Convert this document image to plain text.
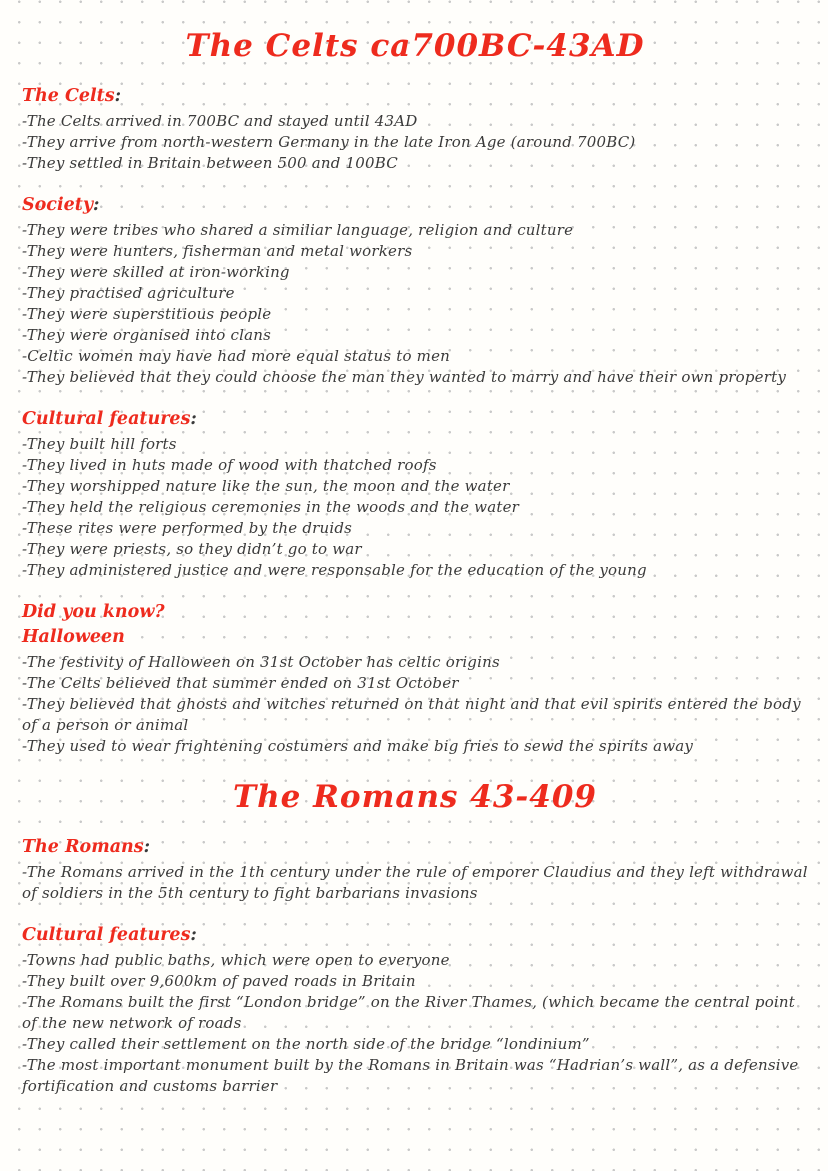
The Celts ca700BC-43AD
The Celts:

-The Celts arrived in 700BC and stayed until 43AD

-They arrive from north-western Germany in the late Iron Age (around 700BC)

-They settled in Britain between 500 and 100BC

Society:

-They were tribes who shared a similiar language, religion and culture

-They were hunters, fisherman and metal workers

-They were skilled at iron-working

-They practised agriculture

-They were superstitious people

-They were organised into clans

-Celtic women may have had more equal status to men

-They believed that they could choose the man they wanted to marry and have their own property

Cultural features:

-They built hill forts

-They lived in huts made of wood with thatched roofs

-They worshipped nature like the sun, the moon and the water

-They held the religious ceremonies in the woods and the water

-These rites were performed by the druids

-They were priests, so they didn’t go to war

-They administered justice and were responsable for the education of the young

Did you know?
Halloween

-The festivity of Halloween on 31st October has celtic origins

-The Celts believed that summer ended on 31st October

-They believed that ghosts and witches returned on that night and that evil spirits entered the body of a person or animal

-They used to wear frightening costumers and make big fries to sewd the spirits away

The Romans 43-409
The Romans:

-The Romans arrived in the 1th century under the rule of emporer Claudius and they left withdrawal of soldiers in the 5th century to fight barbarians invasions

Cultural features:

-Towns had public baths, which were open to everyone

-They built over 9,600km of paved roads in Britain

-The Romans built the first “London bridge” on the River Thames, (which became the central point of the new network of roads

-They called their settlement on the north side of the bridge “londinium”

-The most important monument built by the Romans in Britain was “Hadrian’s wall”, as a defensive fortification and customs barrier
